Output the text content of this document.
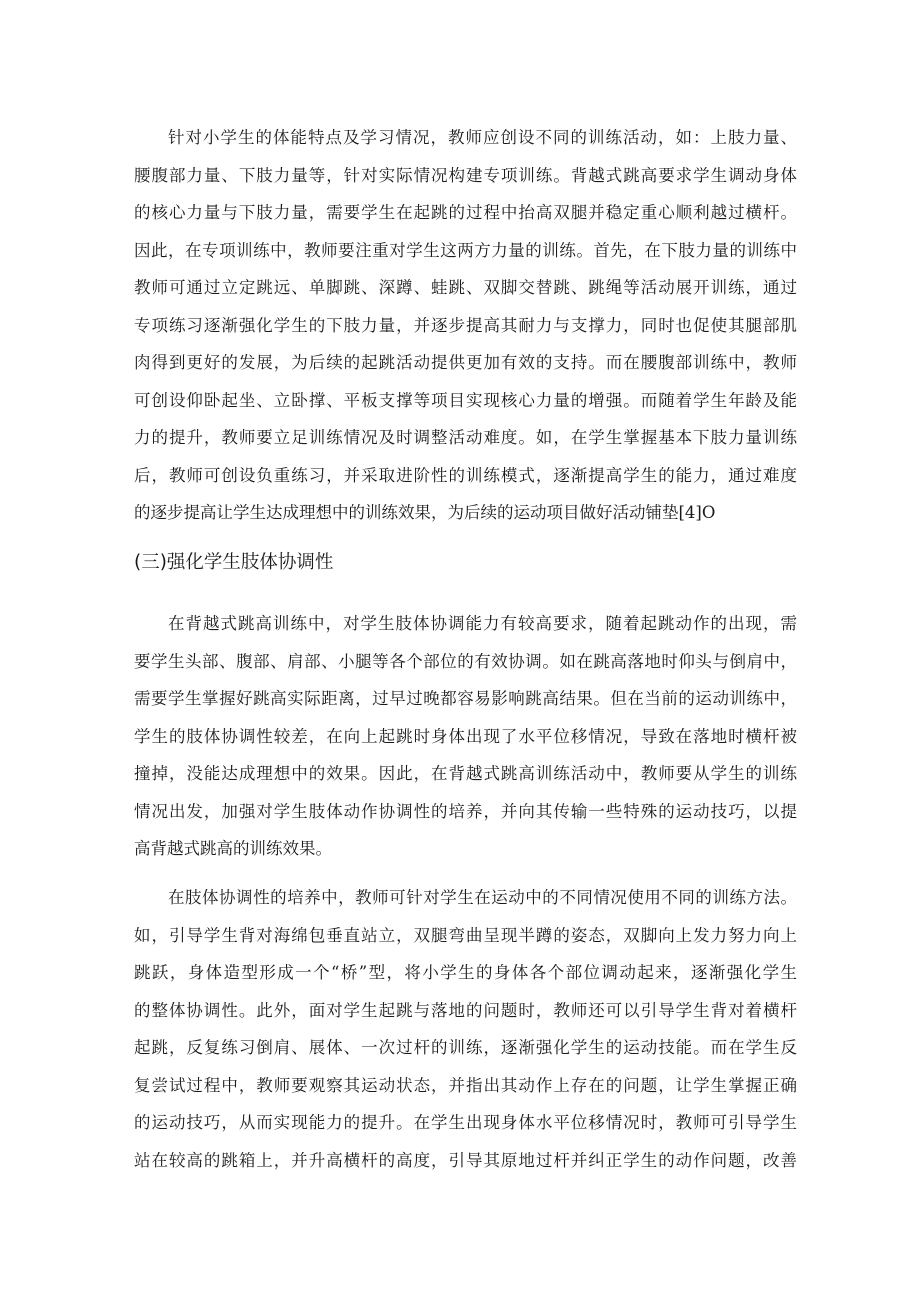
针对小学生的体能特点及学习情况，教师应创设不同的训练活动，如：上肢力量、
腰腹部力量、下肢力量等，针对实际情况构建专项训练。背越式跳高要求学生调动身体
的核心力量与下肢力量，需要学生在起跳的过程中抬高双腿并稳定重心顺利越过横杆。
因此，在专项训练中，教师要注重对学生这两方力量的训练。首先，在下肢力量的训练中
教师可通过立定跳远、单脚跳、深蹲、蛙跳、双脚交替跳、跳绳等活动展开训练，通过
专项练习逐渐强化学生的下肢力量，并逐步提高其耐力与支撑力，同时也促使其腿部肌
肉得到更好的发展，为后续的起跳活动提供更加有效的支持。而在腰腹部训练中，教师
可创设仰卧起坐、立卧撑、平板支撑等项目实现核心力量的增强。而随着学生年龄及能
力的提升，教师要立足训练情况及时调整活动难度。如，在学生掌握基本下肢力量训练
后，教师可创设负重练习，并采取进阶性的训练模式，逐渐提高学生的能力，通过难度
的逐步提高让学生达成理想中的训练效果，为后续的运动项目做好活动铺垫[4]O
(三)强化学生肢体协调性
在背越式跳高训练中，对学生肢体协调能力有较高要求，随着起跳动作的出现，需
要学生头部、腹部、肩部、小腿等各个部位的有效协调。如在跳高落地时仰头与倒肩中，
需要学生掌握好跳高实际距离，过早过晚都容易影响跳高结果。但在当前的运动训练中，
学生的肢体协调性较差，在向上起跳时身体出现了水平位移情况，导致在落地时横杆被
撞掉，没能达成理想中的效果。因此，在背越式跳高训练活动中，教师要从学生的训练
情况出发，加强对学生肢体动作协调性的培养，并向其传输一些特殊的运动技巧，以提
高背越式跳高的训练效果。
在肢体协调性的培养中，教师可针对学生在运动中的不同情况使用不同的训练方法。
如，引导学生背对海绵包垂直站立，双腿弯曲呈现半蹲的姿态，双脚向上发力努力向上
跳跃，身体造型形成一个“桥”型，将小学生的身体各个部位调动起来，逐渐强化学生
的整体协调性。此外，面对学生起跳与落地的问题时，教师还可以引导学生背对着横杆
起跳，反复练习倒肩、展体、一次过杆的训练，逐渐强化学生的运动技能。而在学生反
复尝试过程中，教师要观察其运动状态，并指出其动作上存在的问题，让学生掌握正确
的运动技巧，从而实现能力的提升。在学生出现身体水平位移情况时，教师可引导学生
站在较高的跳箱上，并升高横杆的高度，引导其原地过杆并纠正学生的动作问题，改善
